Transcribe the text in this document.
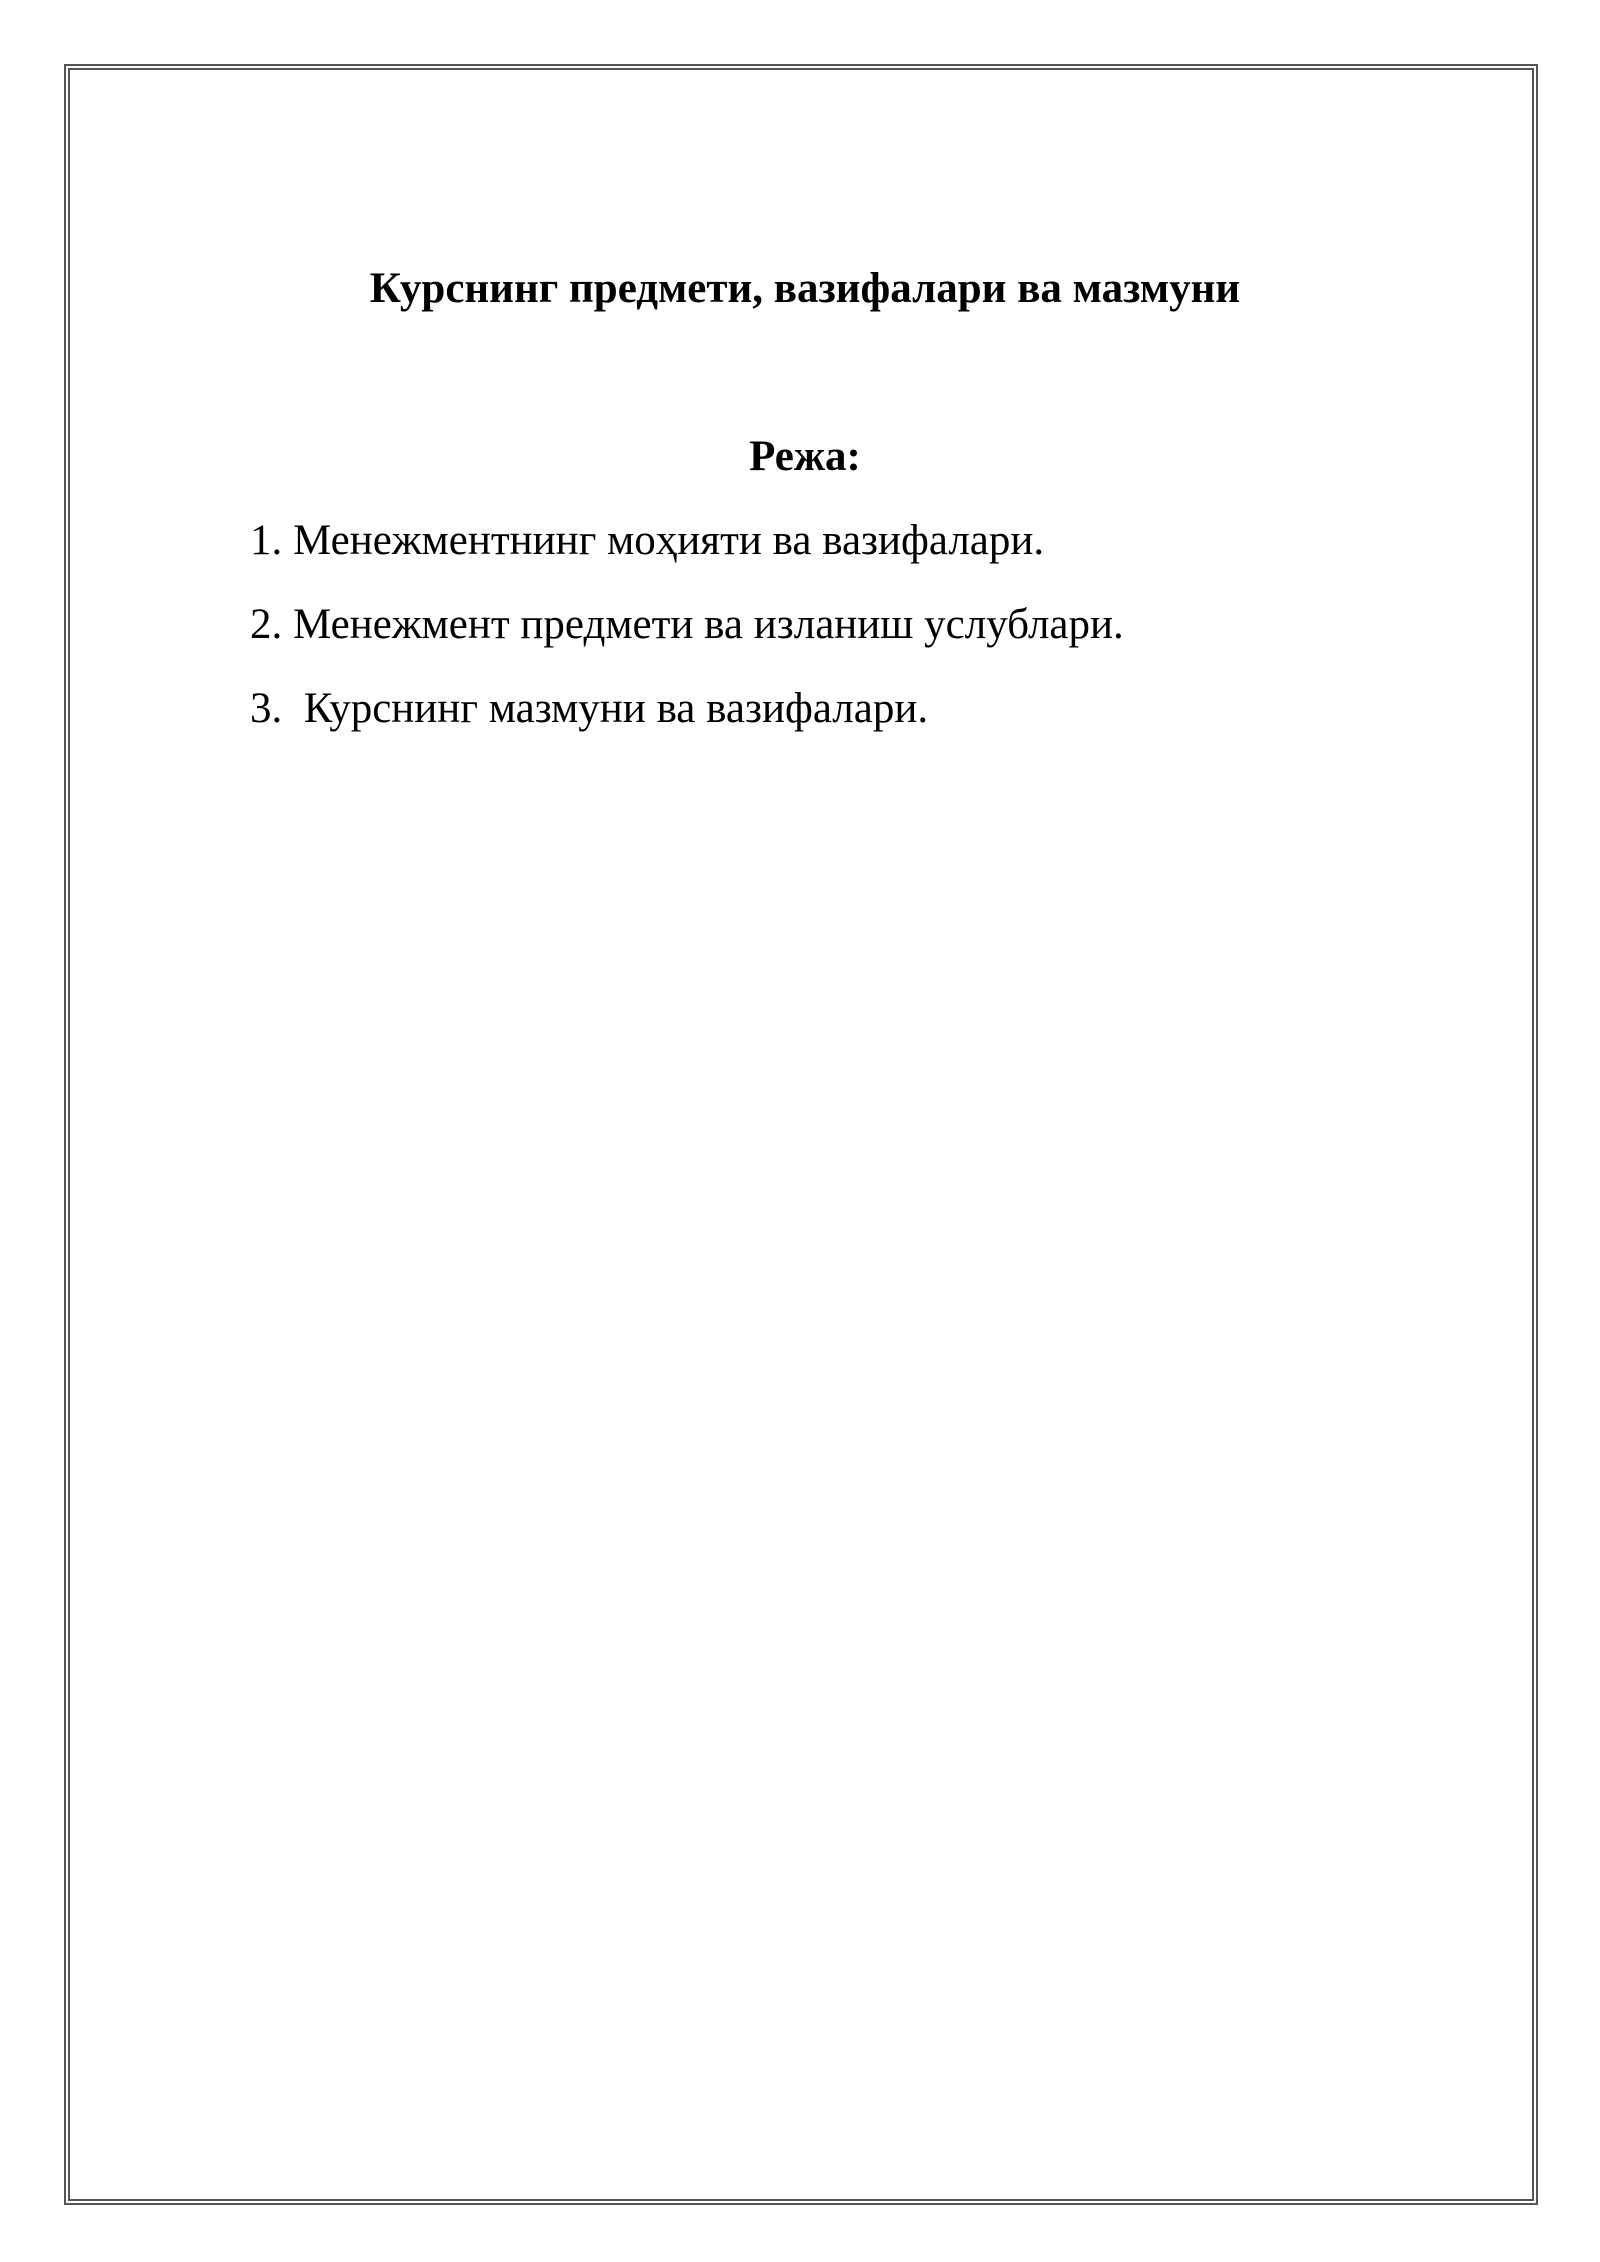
Курснинг предмети, вазифалари ва мазмуни
Режа:
1. Менежментнинг моҳияти ва вазифалари.
2. Менежмент предмети ва изланиш услублари.
3.  Курснинг мазмуни ва вазифалари.
